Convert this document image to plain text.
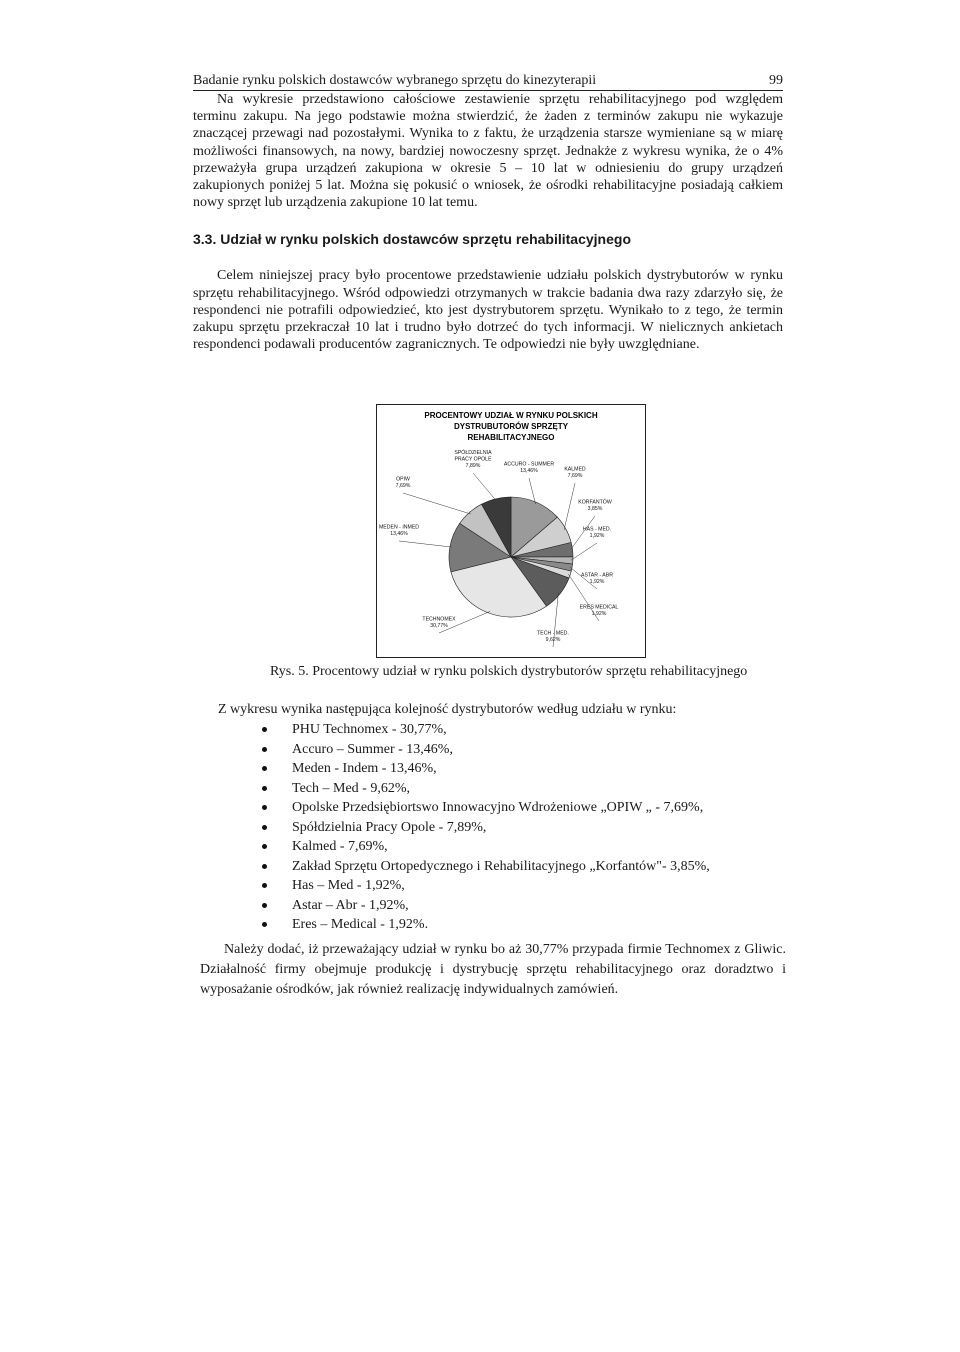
Badanie rynku polskich dostawców wybranego sprzętu do kinezyterapii	99

Na wykresie przedstawiono całościowe zestawienie sprzętu rehabilitacyjnego pod względem terminu zakupu. Na jego podstawie można stwierdzić, że żaden z terminów zakupu nie wykazuje znaczącej przewagi nad pozostałymi. Wynika to z faktu, że urządzenia starsze wymieniane są w miarę możliwości finansowych, na nowy, bardziej nowoczesny sprzęt. Jednakże z wykresu wynika, że o 4% przeważyła grupa urządzeń zakupiona w okresie 5 – 10 lat w odniesieniu do grupy urządzeń zakupionych poniżej 5 lat. Można się pokusić o wniosek, że ośrodki rehabilitacyjne posiadają całkiem nowy sprzęt lub urządzenia zakupione 10 lat temu.

3.3. Udział w rynku polskich dostawców sprzętu rehabilitacyjnego

Celem niniejszej pracy było procentowe przedstawienie udziału polskich dystrybutorów w rynku sprzętu rehabilitacyjnego. Wśród odpowiedzi otrzymanych w trakcie badania dwa razy zdarzyło się, że respondenci nie potrafili odpowiedzieć, kto jest dystrybutorem sprzętu. Wynikało to z tego, że termin zakupu sprzętu przekraczał 10 lat i trudno było dotrzeć do tych informacji. W nielicznych ankietach respondenci podawali producentów zagranicznych. Te odpowiedzi nie były uwzględniane.

PROCENTOWY UDZIAŁ W RYNKU POLSKICH
DYSTRUBUTORÓW SPRZĘTY
REHABILITACYJNEGO
ACCURO - SUMMER
13,46%	KALMED
7,69%
KORFANTÓW
3,85%
HAS - MED.
1,92%
ASTAR - ABR
1,92%
ERES MEDICAL
1,92%
TECH - MED.
9,62%
TECHNOMEX
30,77%
MEDEN - INMED
13,46%
OPIW
7,69%
SPÓŁDZIELNIA
PRACY OPOLE
7,89%
Rys. 5. Procentowy udział w rynku polskich dystrybutorów sprzętu rehabilitacyjnego
Z wykresu wynika następująca kolejność dystrybutorów według udziału w rynku:
PHU Technomex - 30,77%,
Accuro – Summer - 13,46%,
Meden - Indem - 13,46%,
Tech – Med - 9,62%,
Opolske Przedsiębiortswo Innowacyjno Wdrożeniowe „OPIW „ - 7,69%,
Spółdzielnia Pracy Opole - 7,89%,
Kalmed - 7,69%,
Zakład Sprzętu Ortopedycznego i Rehabilitacyjnego „Korfantów"- 3,85%,
Has – Med - 1,92%,
Astar – Abr - 1,92%,
Eres – Medical - 1,92%.

Należy dodać, iż przeważający udział w rynku bo aż 30,77% przypada firmie Technomex z Gliwic. Działalność firmy obejmuje produkcję i dystrybucję sprzętu rehabilitacyjnego oraz doradztwo i wyposażanie ośrodków, jak również realizację indywidualnych zamówień.
